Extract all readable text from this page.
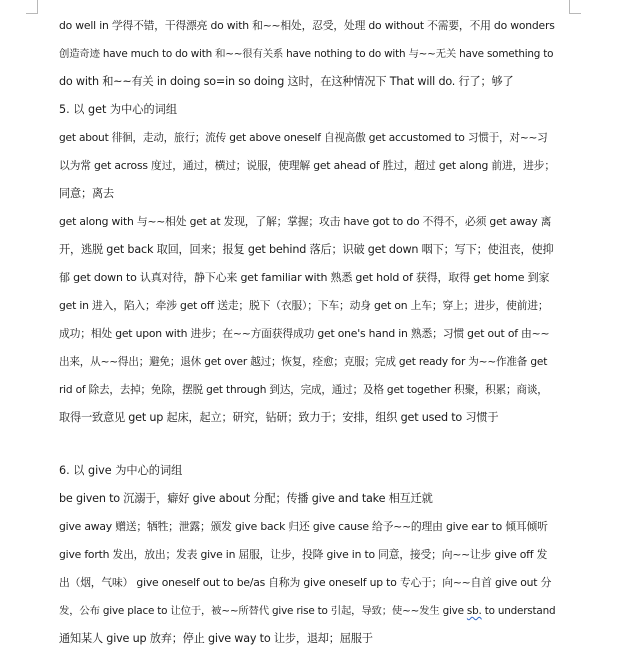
do well in 学得不错，干得漂亮 do with 和~~相处，忍受，处理 do without 不需要，不用 do wonders
创造奇迹 have much to do with 和~~很有关系 have nothing to do with 与~~无关 have something to
do with 和~~有关 in doing so=in so doing 这时，在这种情况下 That will do. 行了；够了
5. 以 get 为中心的词组
get about 徘徊，走动，旅行；流传 get above oneself 自视高傲 get accustomed to 习惯于，对~~习
以为常 get across 度过，通过，横过；说服，使理解 get ahead of 胜过，超过 get along 前进，进步；
同意；离去
get along with 与~~相处 get at 发现，了解；掌握；攻击 have got to do 不得不，必须 get away 离
开，逃脱 get back 取回，回来；报复 get behind 落后；识破 get down 咽下；写下；使沮丧，使抑
郁 get down to 认真对待，静下心来 get familiar with 熟悉 get hold of 获得，取得 get home 到家
get in 进入，陷入；牵涉 get off 送走；脱下（衣服）；下车；动身 get on 上车；穿上；进步，使前进；
成功；相处 get upon with 进步；在~~方面获得成功 get one's hand in 熟悉；习惯 get out of 由~~
出来，从~~得出；避免；退休 get over 越过；恢复，痊愈；克服；完成 get ready for 为~~作准备 get
rid of 除去，去掉；免除，摆脱 get through 到达，完成，通过；及格 get together 积聚，积累；商谈，
取得一致意见 get up 起床，起立；研究，钻研；致力于；安排，组织 get used to 习惯于
6. 以 give 为中心的词组
be given to 沉溺于，癖好 give about 分配；传播 give and take 相互迁就
give away 赠送；牺牲；泄露；颁发 give back 归还 give cause 给予~~的理由 give ear to 倾耳倾听
give forth 发出，放出；发表 give in 屈服，让步，投降 give in to 同意，接受；向~~让步 give off 发
出（烟，气味） give oneself out to be/as 自称为 give oneself up to 专心于；向~~自首 give out 分
发，公布 give place to 让位于，被~~所替代 give rise to 引起，导致；使~~发生 give sb. to understand
通知某人 give up 放弃；停止 give way to 让步，退却；屈服于
